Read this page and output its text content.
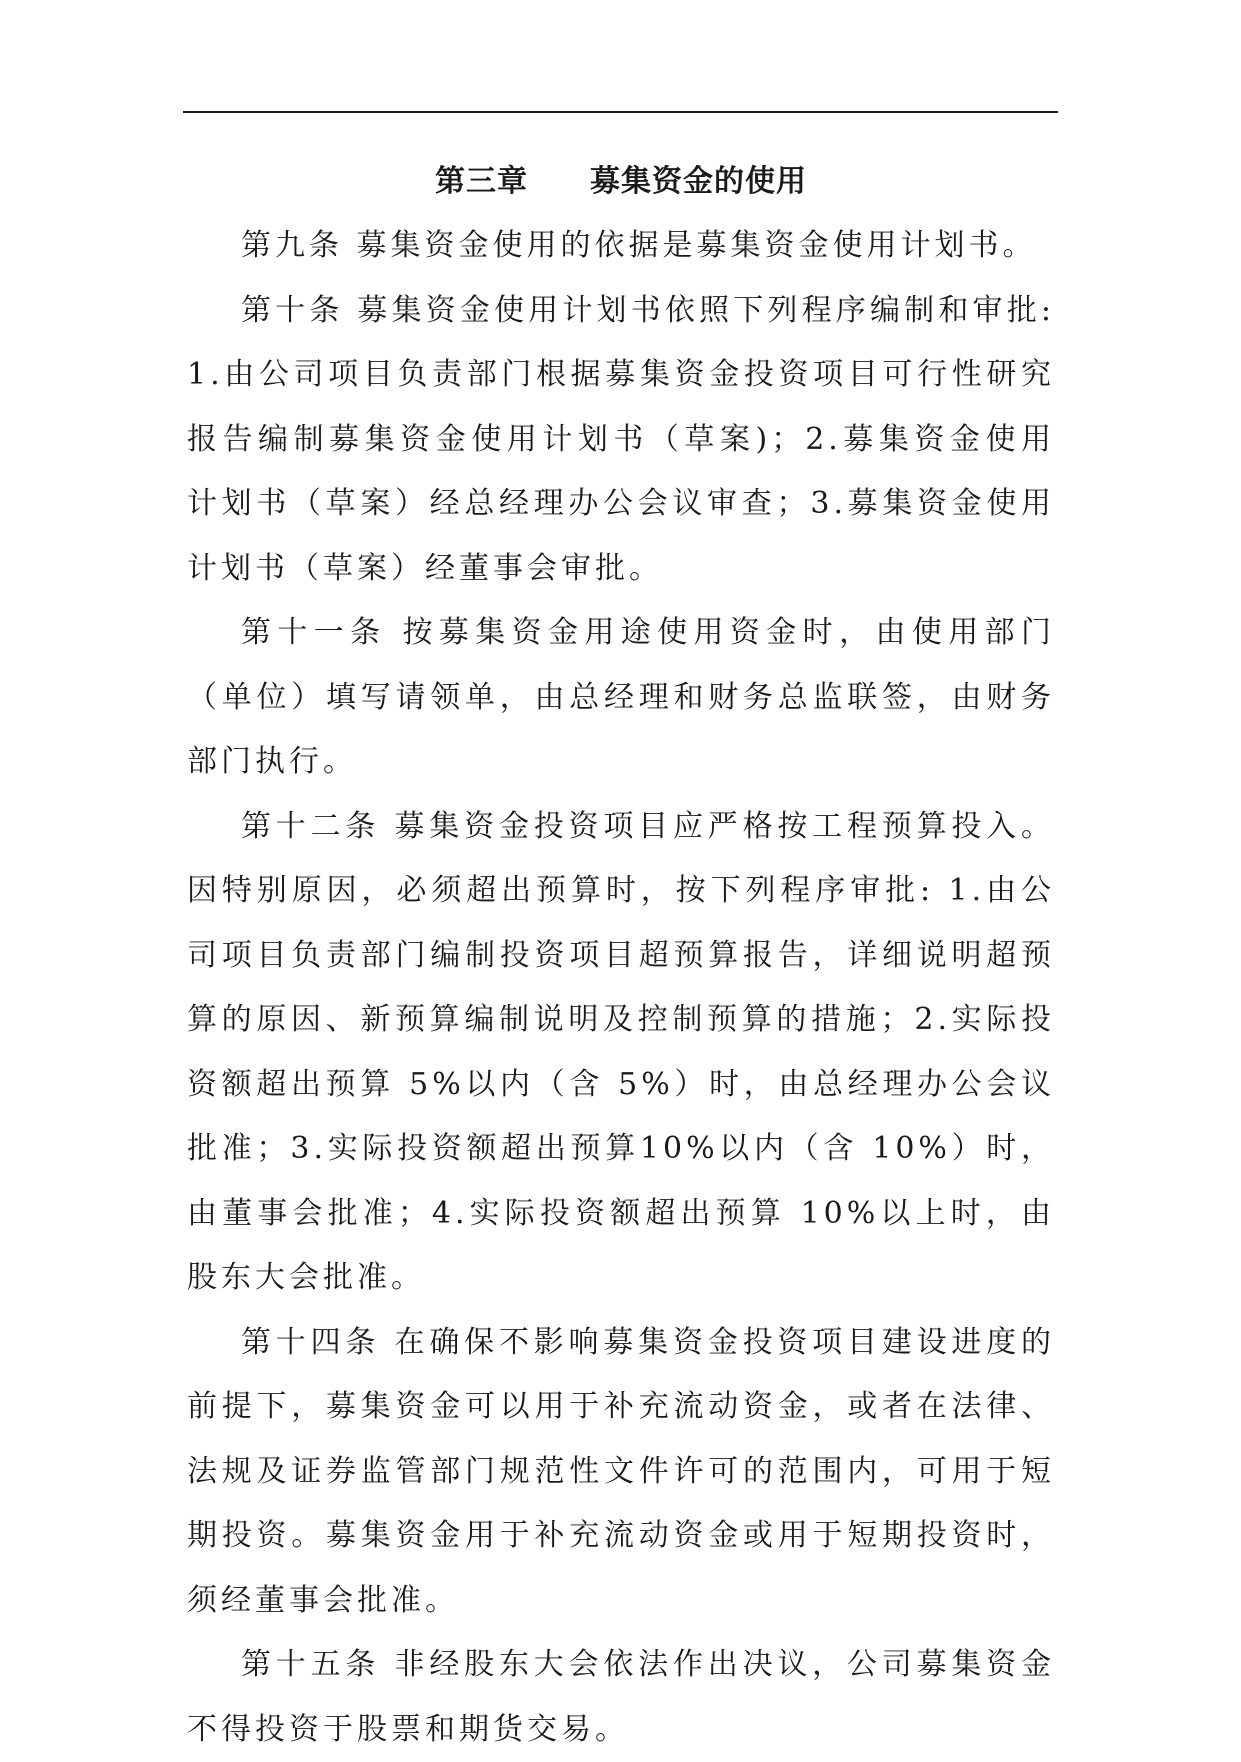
第三章　　募集资金的使用

第九条 募集资金使用的依据是募集资金使用计划书。

第十条 募集资金使用计划书依照下列程序编制和审批: 1.由公司项目负责部门根据募集资金投资项目可行性研究报告编制募集资金使用计划书（草案)；2.募集资金使用计划书（草案）经总经理办公会议审查；3.募集资金使用计划书（草案）经董事会审批。

第十一条 按募集资金用途使用资金时，由使用部门（单位）填写请领单，由总经理和财务总监联签，由财务部门执行。

第十二条 募集资金投资项目应严格按工程预算投入。因特别原因，必须超出预算时，按下列程序审批: 1.由公司项目负责部门编制投资项目超预算报告，详细说明超预算的原因、新预算编制说明及控制预算的措施；2.实际投资额超出预算 5%以内（含 5%）时，由总经理办公会议批准；3.实际投资额超出预算10%以内（含 10%）时，由董事会批准；4.实际投资额超出预算 10%以上时，由股东大会批准。

第十四条 在确保不影响募集资金投资项目建设进度的前提下，募集资金可以用于补充流动资金，或者在法律、法规及证券监管部门规范性文件许可的范围内，可用于短期投资。募集资金用于补充流动资金或用于短期投资时，须经董事会批准。

第十五条 非经股东大会依法作出决议，公司募集资金不得投资于股票和期货交易。
